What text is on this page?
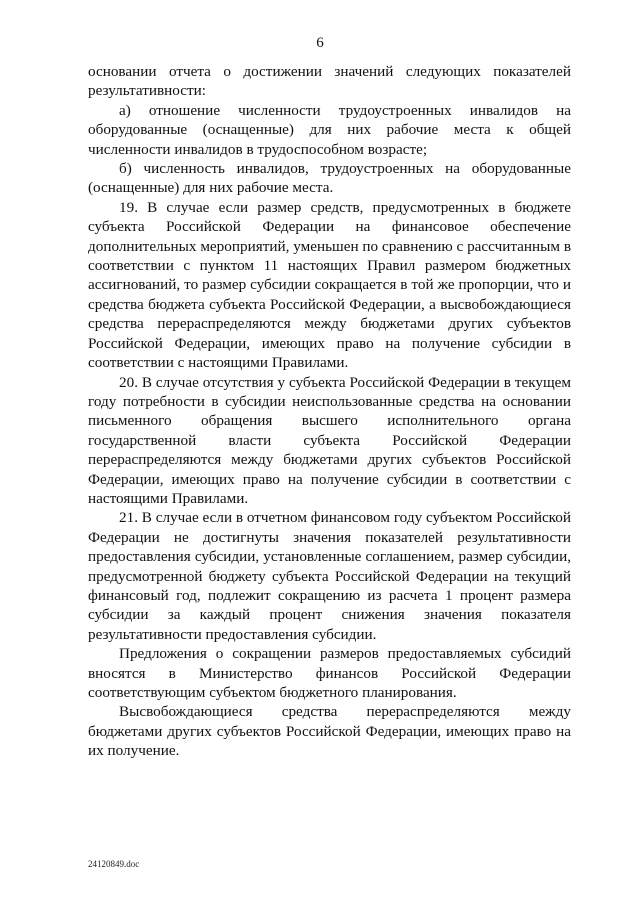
6

основании отчета о достижении значений следующих показателей результативности:

а) отношение численности трудоустроенных инвалидов на оборудованные (оснащенные) для них рабочие места к общей численности инвалидов в трудоспособном возрасте;

б) численность инвалидов, трудоустроенных на оборудованные (оснащенные) для них рабочие места.

19. В случае если размер средств, предусмотренных в бюджете субъекта Российской Федерации на финансовое обеспечение дополнительных мероприятий, уменьшен по сравнению с рассчитанным в соответствии с пунктом 11 настоящих Правил размером бюджетных ассигнований, то размер субсидии сокращается в той же пропорции, что и средства бюджета субъекта Российской Федерации, а высвобождающиеся средства перераспределяются между бюджетами других субъектов Российской Федерации, имеющих право на получение субсидии в соответствии с настоящими Правилами.

20. В случае отсутствия у субъекта Российской Федерации в текущем году потребности в субсидии неиспользованные средства на основании письменного обращения высшего исполнительного органа государственной власти субъекта Российской Федерации перераспределяются между бюджетами других субъектов Российской Федерации, имеющих право на получение субсидии в соответствии с настоящими Правилами.

21. В случае если в отчетном финансовом году субъектом Российской Федерации не достигнуты значения показателей результативности предоставления субсидии, установленные соглашением, размер субсидии, предусмотренной бюджету субъекта Российской Федерации на текущий финансовый год, подлежит сокращению из расчета 1 процент размера субсидии за каждый процент снижения значения показателя результативности предоставления субсидии.

Предложения о сокращении размеров предоставляемых субсидий вносятся в Министерство финансов Российской Федерации соответствующим субъектом бюджетного планирования.

Высвобождающиеся средства перераспределяются между бюджетами других субъектов Российской Федерации, имеющих право на их получение.

24120849.doc
